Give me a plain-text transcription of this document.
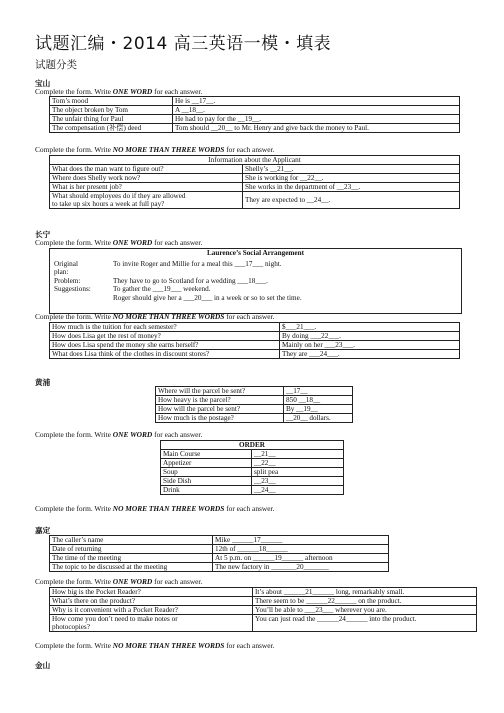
试题汇编・2014 高三英语一模・填表
试题分类
宝山
Complete the form. Write ONE WORD for each answer.
Tom’s mood	He is __17__.
The object broken by Tom	A __18__.
The unfair thing for Paul	He had to pay for the __19__.
The compensation (补偿) deed	Tom should __20__ to Mr. Henry and give back the money to Paul.
Complete the form. Write NO MORE THAN THREE WORDS for each answer.
Information about the Applicant	
What does the man want to figure out?	Shelly’s __21__.
Where does Shelly work now?	She is working for __22__.
What is her present job?	She works in the department of __23__.
What should employees do if they are allowed
to take up six hours a week at full pay?	They are expected to __24__.
长宁
Complete the form. Write ONE WORD for each answer.
Laurence’s Social Arrangement
Original	To invite Roger and Millie for a meal this ___17___ night.
plan:
Problem:	They have to go to Scotland for a wedding ___18___.
Suggestions:	To gather the ___19___ weekend.
Roger should give her a ___20___ in a week or so to set the time.
Complete the form. Write NO MORE THAN THREE WORDS for each answer.
How much is the tuition for each semester?	$___21___.
How does Lisa get the rest of money?	By doing ___22___.
How does Lisa spend the money she earns herself?	Mainly on her ___23___.
What does Lisa think of the clothes in discount stores?	They are ___24___.
黄浦
Where will the parcel be sent?	__17__
How heavy is the parcel?	850 __18__
How will the parcel be sent?	By __19__
How much is the postage?	__20__ dollars.
Complete the form. Write ONE WORD for each answer.
ORDER	
Main Course	__21__
Appetizer	__22__
Soup	split pea
Side Dish	__23__
Drink	__24__
Complete the form. Write NO MORE THAN THREE WORDS for each answer.
嘉定
The caller’s name	Mike ______17______
Date of returning	12th of ______18______
The time of the meeting	At 5 p.m. on ______19______ afternoon
The topic to be discussed at the meeting	The new factory in _______20_______
Complete the form. Write ONE WORD for each answer.
How big is the Pocket Reader?	It’s about ______21______ long, remarkably small.
What’s there on the product?	There seem to be ______22______ on the product.
Why is it convenient with a Pocket Reader?	You’ll be able to ___23___ wherever you are.
How come you don’t need to make notes or
photocopies?	You can just read the ______24______ into the product.
Complete the form. Write NO MORE THAN THREE WORDS for each answer.
金山
